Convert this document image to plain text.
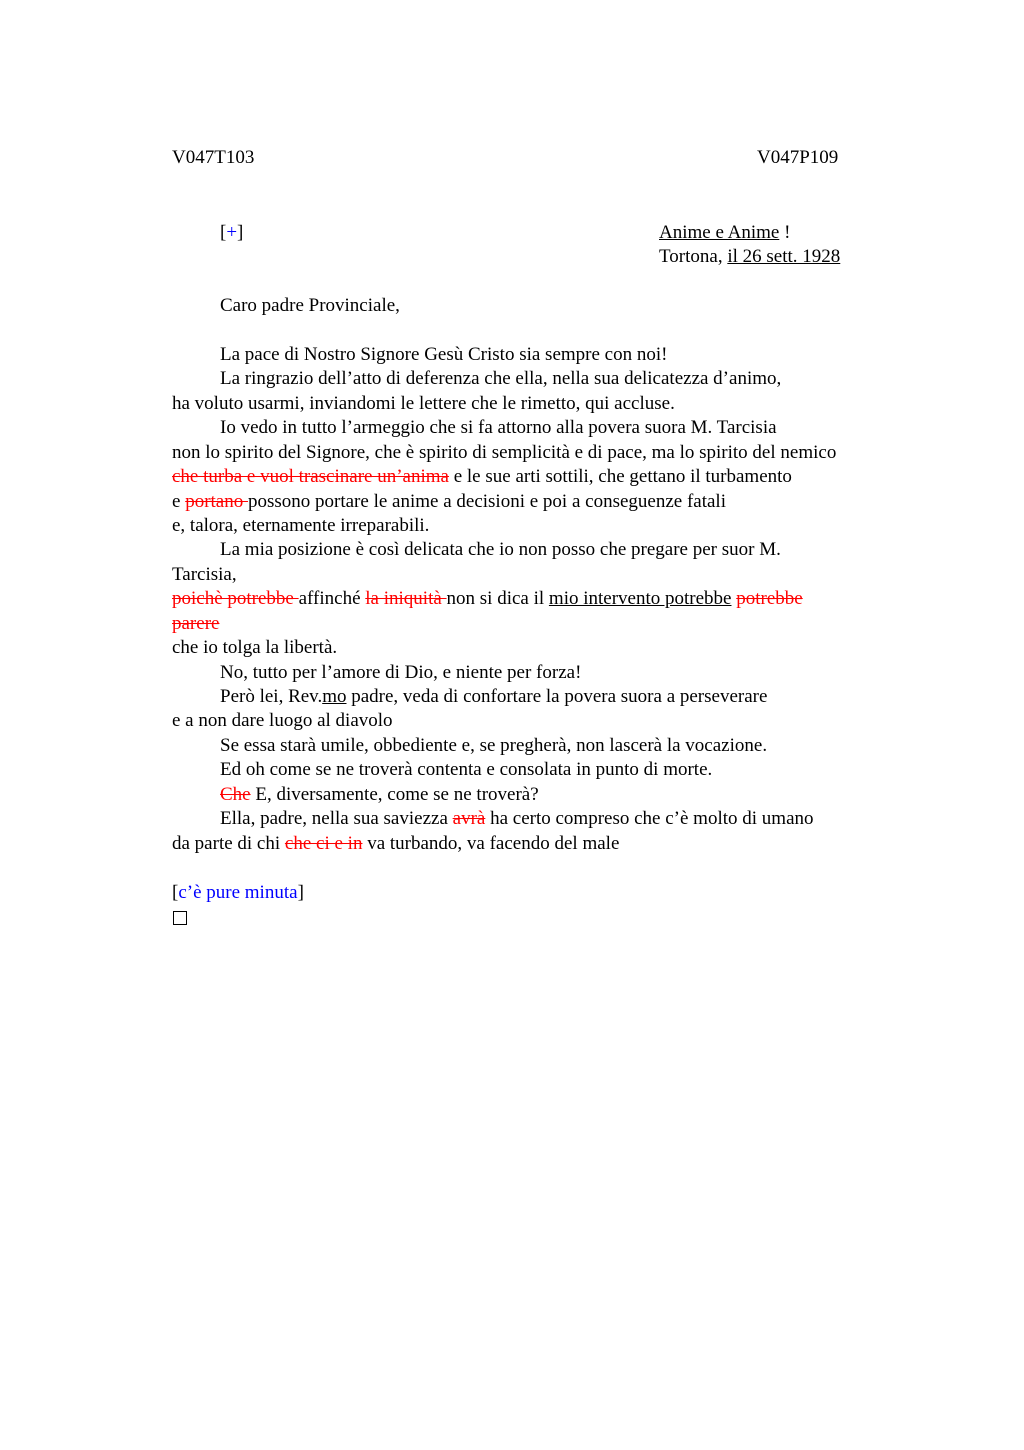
V047T103	V047P109
[+]	Anime e Anime !
Tortona, il 26 sett. 1928
Caro padre Provinciale,
La pace di Nostro Signore Gesù Cristo sia sempre con noi!
La ringrazio dell’atto di deferenza che ella, nella sua delicatezza d’animo,
ha voluto usarmi, inviandomi le lettere che le rimetto, qui accluse.
Io vedo in tutto l’armeggio che si fa attorno alla povera suora M. Tarcisia
non lo spirito del Signore, che è spirito di semplicità e di pace, ma lo spirito del nemico
che turba e vuol trascinare un’anima e le sue arti sottili, che gettano il turbamento
e portano possono portare le anime a decisioni e poi a conseguenze fatali
e, talora, eternamente irreparabili.
La mia posizione è così delicata che io non posso che pregare per suor M.
Tarcisia,
poichè potrebbe affinché la iniquità non si dica il mio intervento potrebbe potrebbe
parere
che io tolga la libertà.
No, tutto per l’amore di Dio, e niente per forza!
Però lei, Rev.mo padre, veda di confortare la povera suora a perseverare
e a non dare luogo al diavolo
Se essa starà umile, obbediente e, se pregherà, non lascerà la vocazione.
Ed oh come se ne troverà contenta e consolata in punto di morte.
Che E, diversamente, come se ne troverà?
Ella, padre, nella sua saviezza avrà ha certo compreso che c’è molto di umano
da parte di chi che ci e in va turbando, va facendo del male
[c’è pure minuta]
